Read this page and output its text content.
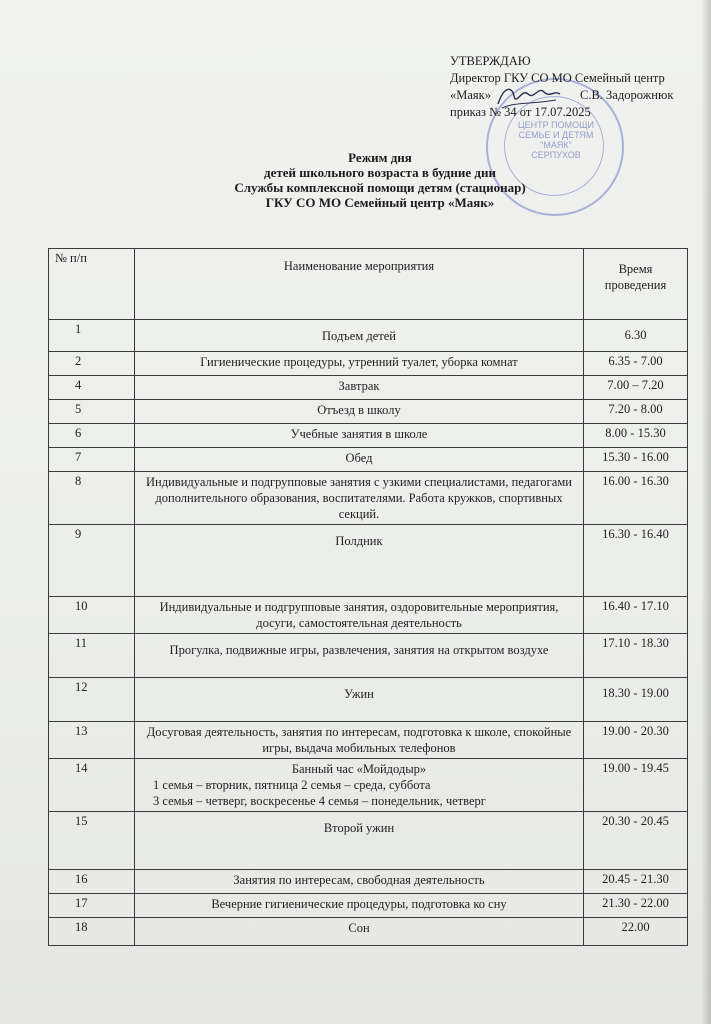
ЦЕНТР ПОМОЩИ СЕМЬЕ И ДЕТЯМ "МАЯК" СЕРПУХОВ
УТВЕРЖДАЮ
Директор ГКУ СО МО Семейный центр
«Маяк»	С.В. Задорожнюк
приказ № 34 от 17.07.2025
Режим дня
детей школьного возраста в будние дни
Службы комплексной помощи детям (стационар)
ГКУ СО МО Семейный центр «Маяк»
№ п/п	Наименование мероприятия	Время проведения
1	Подъем детей	6.30
2	Гигиенические процедуры, утренний туалет, уборка комнат	6.35 - 7.00
4	Завтрак	7.00 – 7.20
5	Отъезд в школу	7.20 - 8.00
6	Учебные занятия в школе	8.00 - 15.30
7	Обед	15.30 - 16.00
8	Индивидуальные и подгрупповые занятия с узкими специалистами, педагогами дополнительного образования, воспитателями. Работа кружков, спортивных секций.	16.00 - 16.30
9	Полдник	16.30 - 16.40
10	Индивидуальные и подгрупповые занятия, оздоровительные мероприятия, досуги, самостоятельная деятельность	16.40 - 17.10
11	Прогулка, подвижные игры, развлечения, занятия на открытом воздухе	17.10 - 18.30
12	Ужин	18.30 - 19.00
13	Досуговая деятельность, занятия по интересам, подготовка к школе, спокойные игры, выдача мобильных телефонов	19.00 - 20.30
14	Банный час «Мойдодыр»
1 семья – вторник, пятница 2 семья – среда, суббота
3 семья – четверг, воскресенье 4 семья – понедельник, четверг	19.00 - 19.45
15	Второй ужин	20.30 - 20.45
16	Занятия по интересам, свободная деятельность	20.45 - 21.30
17	Вечерние гигиенические процедуры, подготовка ко сну	21.30 - 22.00
18	Сон	22.00
